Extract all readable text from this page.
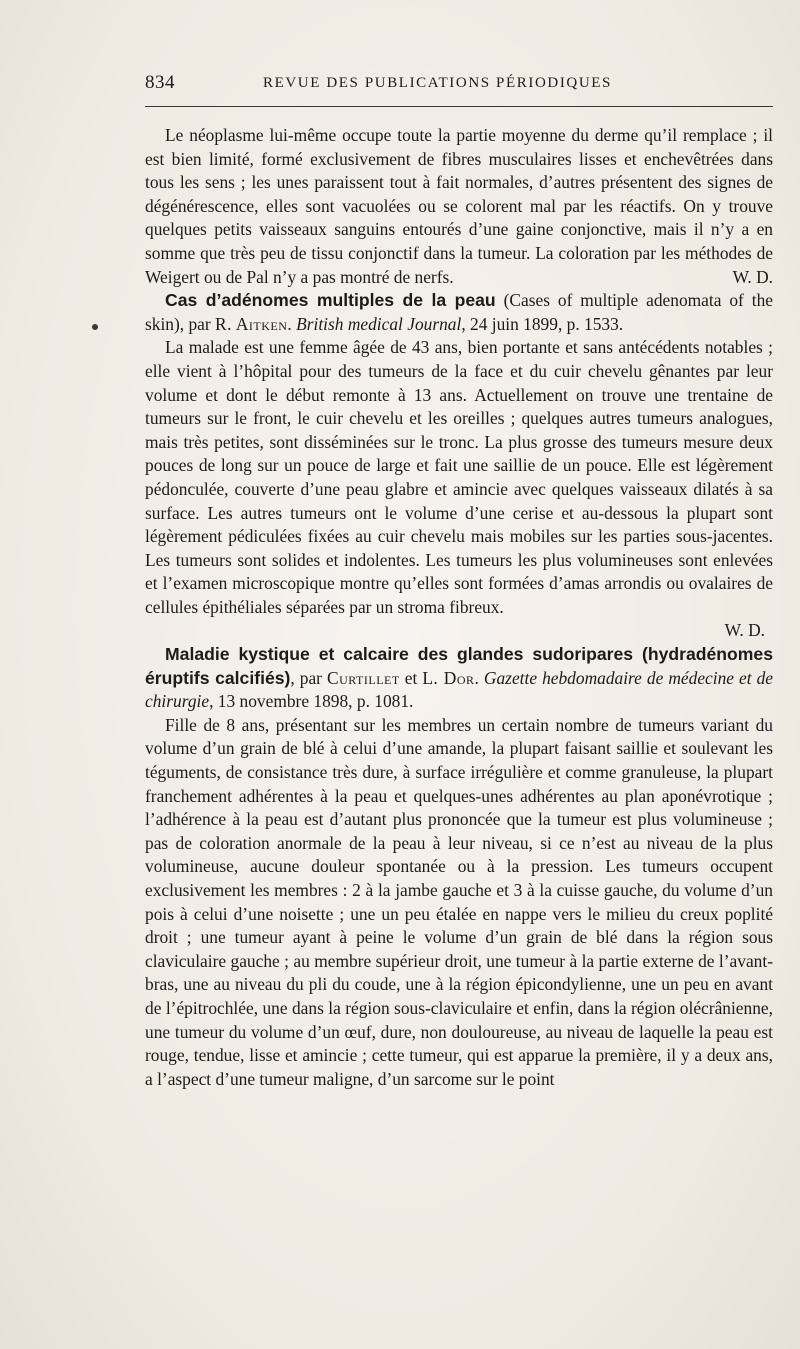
834	REVUE DES PUBLICATIONS PÉRIODIQUES

Le néoplasme lui-même occupe toute la partie moyenne du derme qu’il remplace ; il est bien limité, formé exclusivement de fibres musculaires lisses et enchevêtrées dans tous les sens ; les unes paraissent tout à fait normales, d’autres présentent des signes de dégénérescence, elles sont vacuolées ou se colorent mal par les réactifs. On y trouve quelques petits vaisseaux sanguins entourés d’une gaine conjonctive, mais il n’y a en somme que très peu de tissu conjonctif dans la tumeur. La coloration par les méthodes de Weigert ou de Pal n’y a pas montré de nerfs.	W. D.

Cas d’adénomes multiples de la peau (Cases of multiple adenomata of the skin), par R. Aitken. British medical Journal, 24 juin 1899, p. 1533.

La malade est une femme âgée de 43 ans, bien portante et sans antécédents notables ; elle vient à l’hôpital pour des tumeurs de la face et du cuir chevelu gênantes par leur volume et dont le début remonte à 13 ans. Actuellement on trouve une trentaine de tumeurs sur le front, le cuir chevelu et les oreilles ; quelques autres tumeurs analogues, mais très petites, sont disséminées sur le tronc. La plus grosse des tumeurs mesure deux pouces de long sur un pouce de large et fait une saillie de un pouce. Elle est légèrement pédonculée, couverte d’une peau glabre et amincie avec quelques vaisseaux dilatés à sa surface. Les autres tumeurs ont le volume d’une cerise et au-dessous la plupart sont légèrement pédiculées fixées au cuir chevelu mais mobiles sur les parties sous-jacentes. Les tumeurs sont solides et indolentes. Les tumeurs les plus volumineuses sont enlevées et l’examen microscopique montre qu’elles sont formées d’amas arrondis ou ovalaires de cellules épithéliales séparées par un stroma fibreux.

W. D.

Maladie kystique et calcaire des glandes sudoripares (hydradénomes éruptifs calcifiés), par Curtillet et L. Dor. Gazette hebdomadaire de médecine et de chirurgie, 13 novembre 1898, p. 1081.

Fille de 8 ans, présentant sur les membres un certain nombre de tumeurs variant du volume d’un grain de blé à celui d’une amande, la plupart faisant saillie et soulevant les téguments, de consistance très dure, à surface irrégulière et comme granuleuse, la plupart franchement adhérentes à la peau et quelques-unes adhérentes au plan aponévrotique ; l’adhérence à la peau est d’autant plus prononcée que la tumeur est plus volumineuse ; pas de coloration anormale de la peau à leur niveau, si ce n’est au niveau de la plus volumineuse, aucune douleur spontanée ou à la pression. Les tumeurs occupent exclusivement les membres : 2 à la jambe gauche et 3 à la cuisse gauche, du volume d’un pois à celui d’une noisette ; une un peu étalée en nappe vers le milieu du creux poplité droit ; une tumeur ayant à peine le volume d’un grain de blé dans la région sous claviculaire gauche ; au membre supérieur droit, une tumeur à la partie externe de l’avant-bras, une au niveau du pli du coude, une à la région épicondylienne, une un peu en avant de l’épitrochlée, une dans la région sous-claviculaire et enfin, dans la région olécrânienne, une tumeur du volume d’un œuf, dure, non douloureuse, au niveau de laquelle la peau est rouge, tendue, lisse et amincie ; cette tumeur, qui est apparue la première, il y a deux ans, a l’aspect d’une tumeur maligne, d’un sarcome sur le point
